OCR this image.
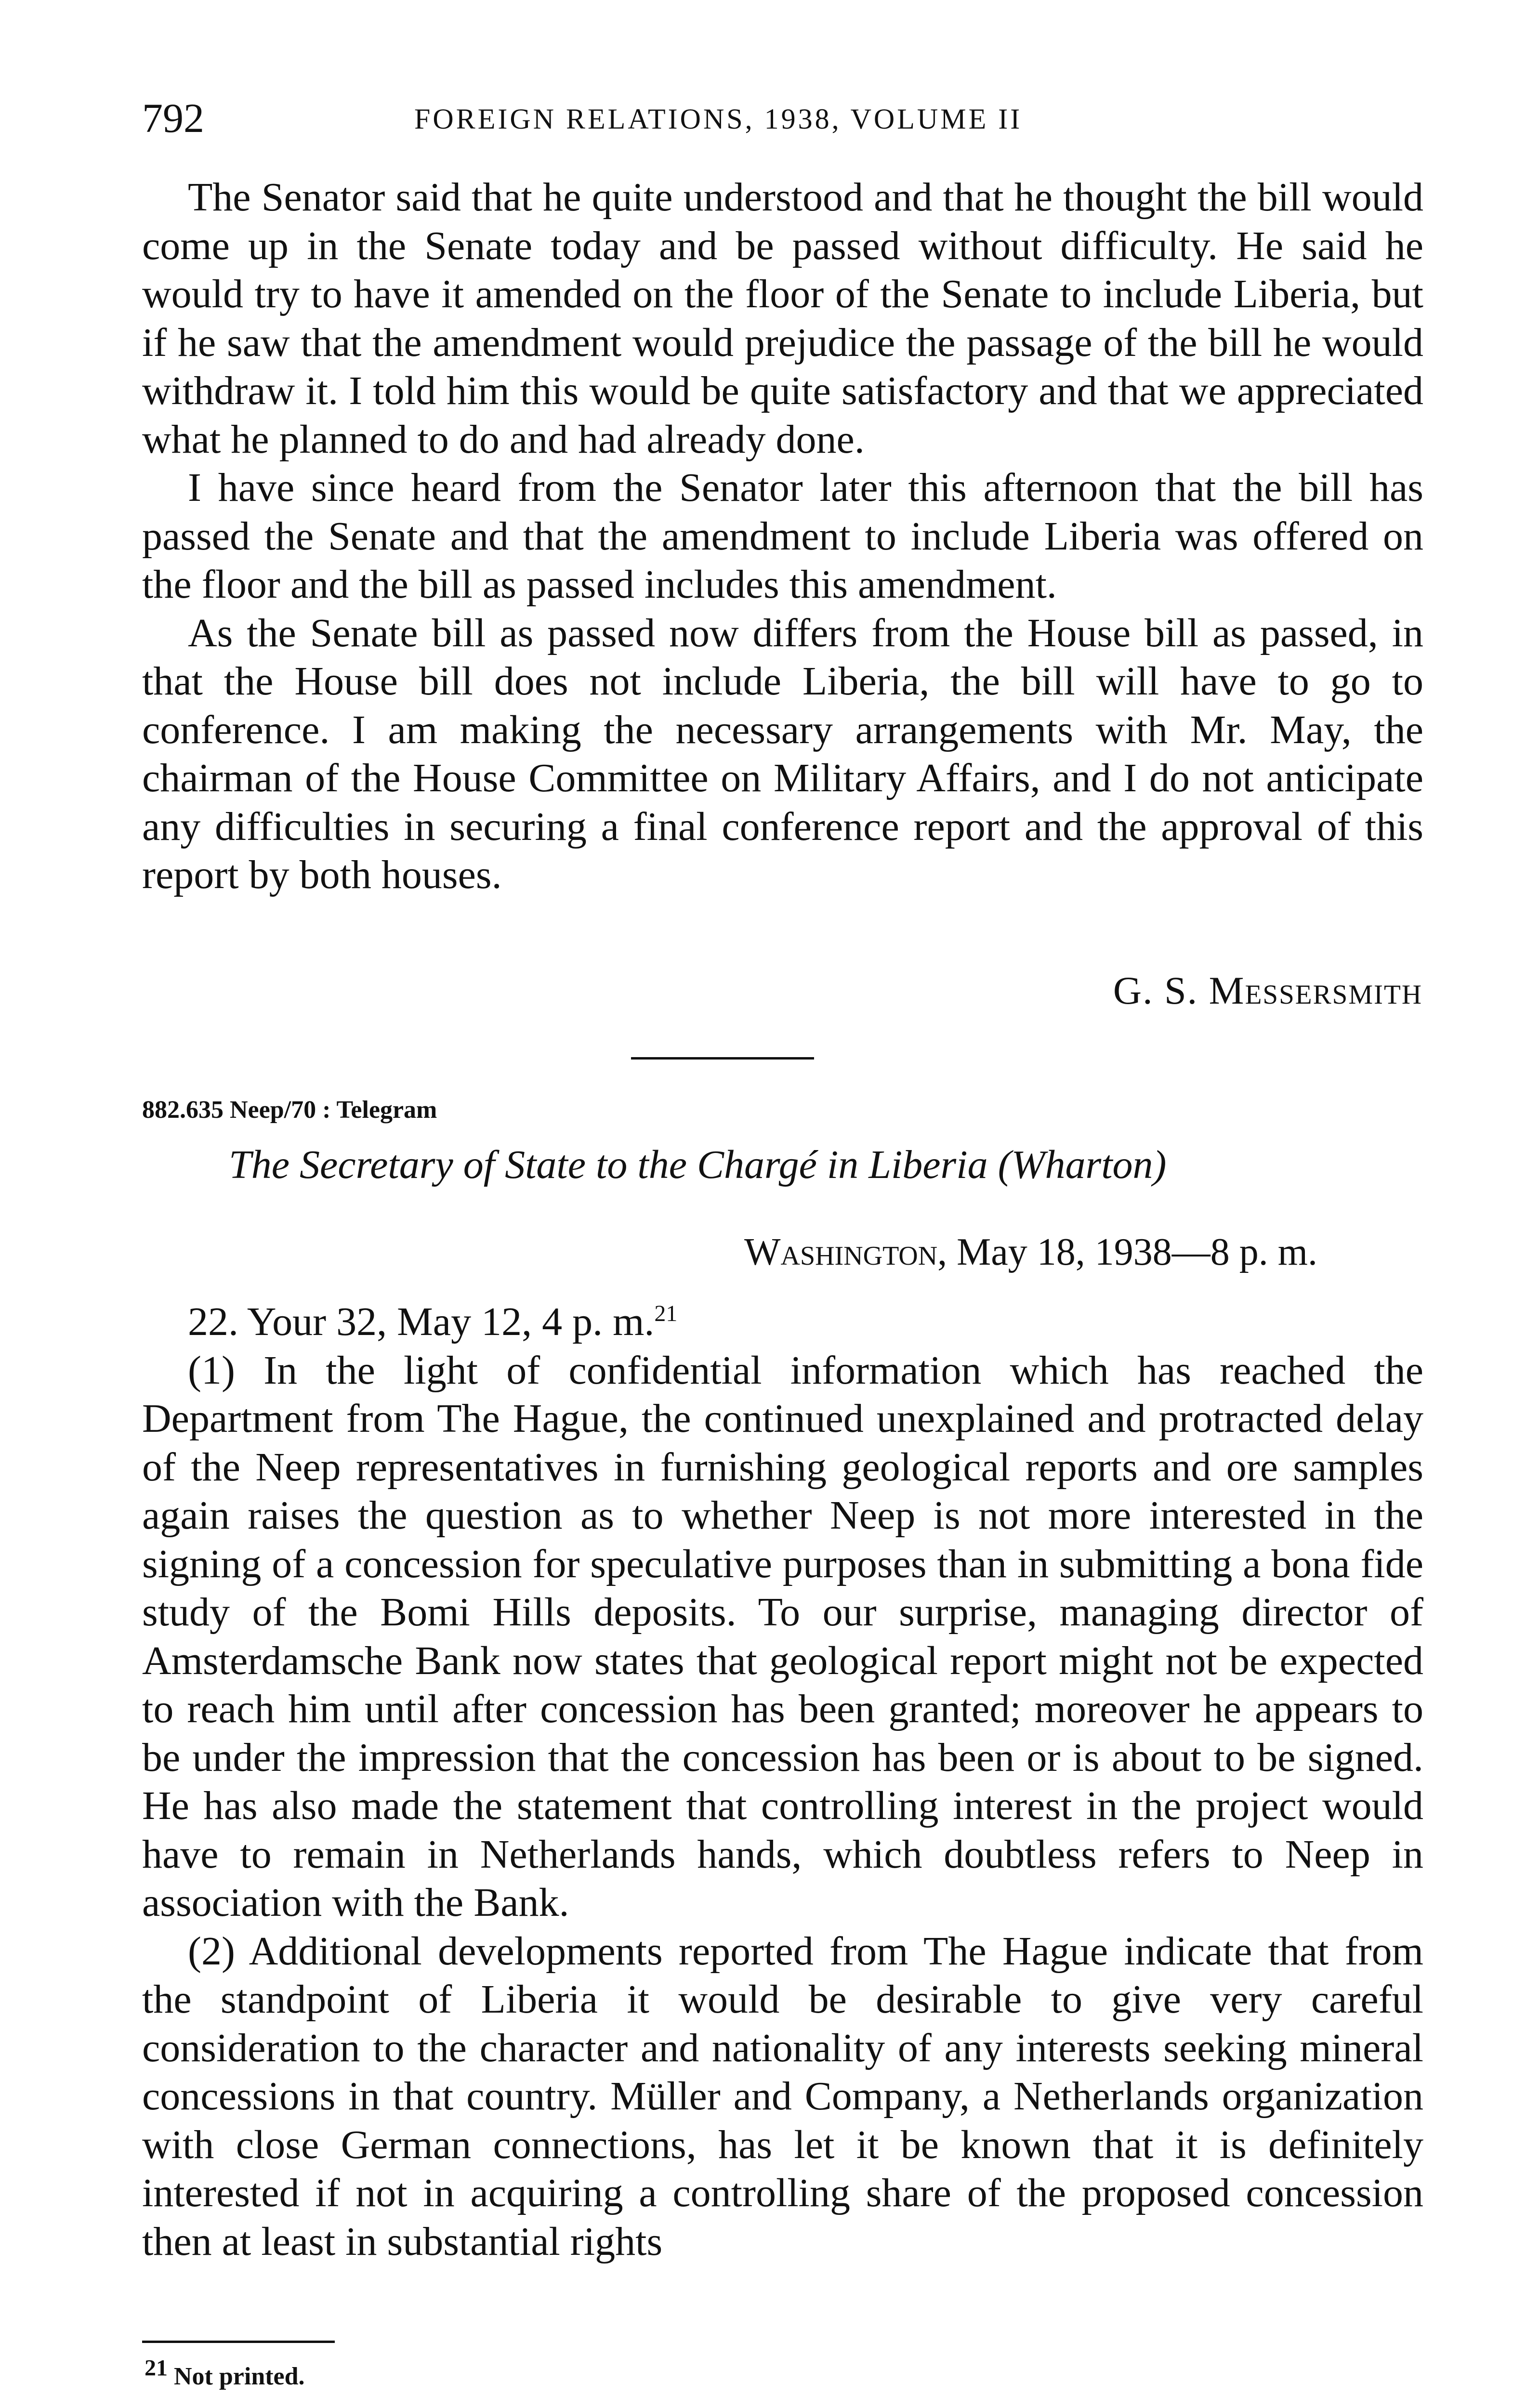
792	FOREIGN RELATIONS, 1938, VOLUME II

The Senator said that he quite understood and that he thought the bill would come up in the Senate today and be passed without difficulty. He said he would try to have it amended on the floor of the Senate to include Liberia, but if he saw that the amendment would prejudice the passage of the bill he would withdraw it. I told him this would be quite satisfactory and that we appreciated what he planned to do and had already done.

I have since heard from the Senator later this afternoon that the bill has passed the Senate and that the amendment to include Liberia was offered on the floor and the bill as passed includes this amendment.

As the Senate bill as passed now differs from the House bill as passed, in that the House bill does not include Liberia, the bill will have to go to conference. I am making the necessary arrangements with Mr. May, the chairman of the House Committee on Military Affairs, and I do not anticipate any difficulties in securing a final conference report and the approval of this report by both houses.

G. S. Messersmith
882.635 Neep/70 : Telegram
The Secretary of State to the Chargé in Liberia (Wharton)
Washington, May 18, 1938—8 p. m.

22. Your 32, May 12, 4 p. m.$^{21}$

(1) In the light of confidential information which has reached the Department from The Hague, the continued unexplained and protracted delay of the Neep representatives in furnishing geological reports and ore samples again raises the question as to whether Neep is not more interested in the signing of a concession for speculative purposes than in submitting a bona fide study of the Bomi Hills deposits. To our surprise, managing director of Amsterdamsche Bank now states that geological report might not be expected to reach him until after concession has been granted; moreover he appears to be under the impression that the concession has been or is about to be signed. He has also made the statement that controlling interest in the project would have to remain in Netherlands hands, which doubtless refers to Neep in association with the Bank.

(2) Additional developments reported from The Hague indicate that from the standpoint of Liberia it would be desirable to give very careful consideration to the character and nationality of any interests seeking mineral concessions in that country. Müller and Company, a Netherlands organization with close German connections, has let it be known that it is definitely interested if not in acquiring a controlling share of the proposed concession then at least in substantial rights

$^{21}$ Not printed.
